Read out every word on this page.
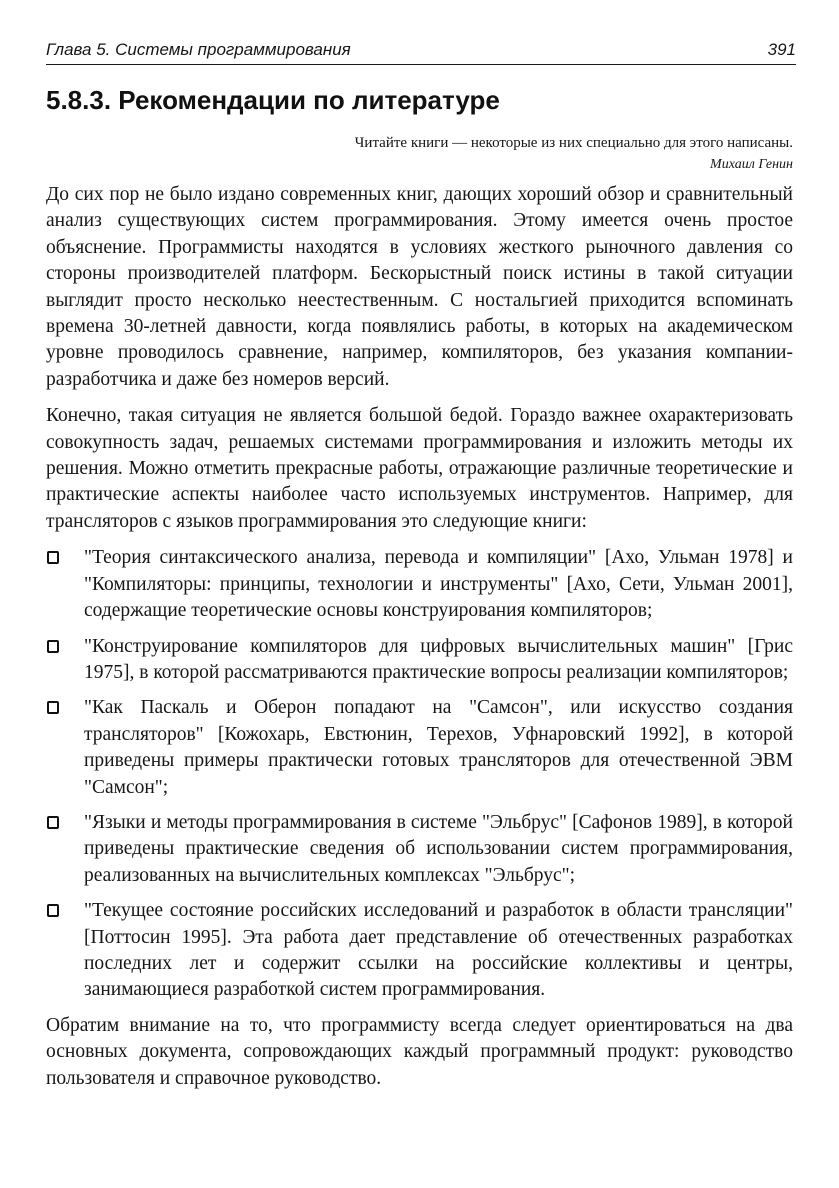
Глава 5. Системы программирования	391
5.8.3. Рекомендации по литературе
Читайте книги — некоторые из них специально для этого написаны.
Михаил Генин

До сих пор не было издано современных книг, дающих хороший обзор и сравнительный анализ существующих систем программирования. Этому имеется очень простое объяснение. Программисты находятся в условиях жесткого рыночного давления со стороны производителей платформ. Бескорыстный поиск истины в такой ситуации выглядит просто несколько неестественным. С ностальгией приходится вспоминать времена 30-летней давности, когда появлялись работы, в которых на академическом уровне проводилось сравнение, например, компиляторов, без указания компании-разработчика и даже без номеров версий.

Конечно, такая ситуация не является большой бедой. Гораздо важнее охарактеризовать совокупность задач, решаемых системами программирования и изложить методы их решения. Можно отметить прекрасные работы, отражающие различные теоретические и практические аспекты наиболее часто используемых инструментов. Например, для трансляторов с языков программирования это следующие книги:

"Теория синтаксического анализа, перевода и компиляции" [Ахо, Ульман 1978] и "Компиляторы: принципы, технологии и инструменты" [Ахо, Сети, Ульман 2001], содержащие теоретические основы конструирования компиляторов;
"Конструирование компиляторов для цифровых вычислительных машин" [Грис 1975], в которой рассматриваются практические вопросы реализации компиляторов;
"Как Паскаль и Оберон попадают на "Самсон", или искусство создания трансляторов" [Кожохарь, Евстюнин, Терехов, Уфнаровский 1992], в которой приведены примеры практически готовых трансляторов для отечественной ЭВМ "Самсон";
"Языки и методы программирования в системе "Эльбрус" [Сафонов 1989], в которой приведены практические сведения об использовании систем программирования, реализованных на вычислительных комплексах "Эльбрус";
"Текущее состояние российских исследований и разработок в области трансляции" [Поттосин 1995]. Эта работа дает представление об отечественных разработках последних лет и содержит ссылки на российские коллективы и центры, занимающиеся разработкой систем программирования.

Обратим внимание на то, что программисту всегда следует ориентироваться на два основных документа, сопровождающих каждый программный продукт: руководство пользователя и справочное руководство.
